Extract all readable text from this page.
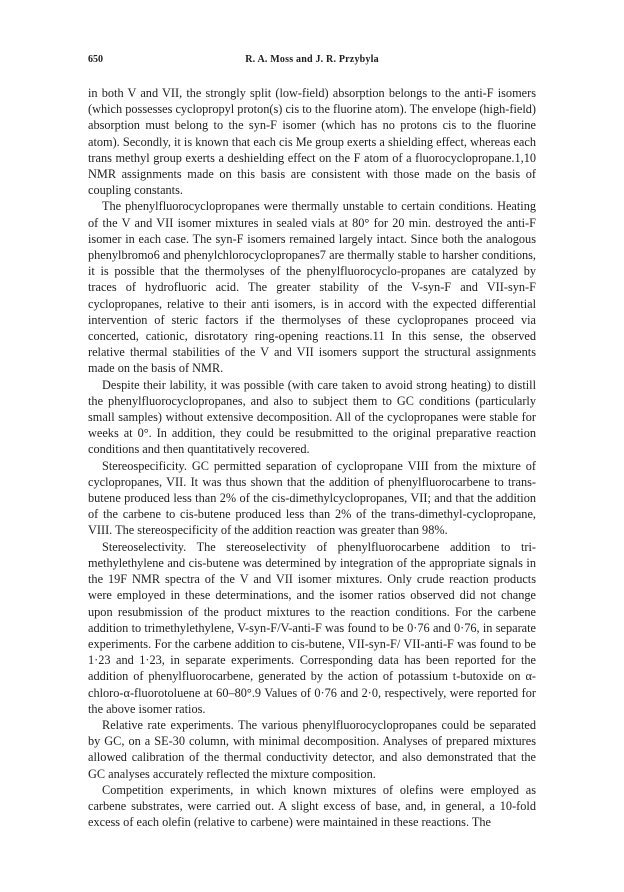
650	R. A. Moss and J. R. Przybyla

in both V and VII, the strongly split (low-field) absorption belongs to the anti-F isomers (which possesses cyclopropyl proton(s) cis to the fluorine atom). The envelope (high-field) absorption must belong to the syn-F isomer (which has no protons cis to the fluorine atom). Secondly, it is known that each cis Me group exerts a shielding effect, whereas each trans methyl group exerts a deshielding effect on the F atom of a fluorocyclopropane.1,10 NMR assignments made on this basis are consistent with those made on the basis of coupling constants.

The phenylfluorocyclopropanes were thermally unstable to certain conditions. Heating of the V and VII isomer mixtures in sealed vials at 80° for 20 min. destroyed the anti-F isomer in each case. The syn-F isomers remained largely intact. Since both the analogous phenylbromo6 and phenylchlorocyclopropanes7 are thermally stable to harsher conditions, it is possible that the thermolyses of the phenylfluorocyclo-propanes are catalyzed by traces of hydrofluoric acid. The greater stability of the V-syn-F and VII-syn-F cyclopropanes, relative to their anti isomers, is in accord with the expected differential intervention of steric factors if the thermolyses of these cyclopropanes proceed via concerted, cationic, disrotatory ring-opening reactions.11 In this sense, the observed relative thermal stabilities of the V and VII isomers support the structural assignments made on the basis of NMR.

Despite their lability, it was possible (with care taken to avoid strong heating) to distill the phenylfluorocyclopropanes, and also to subject them to GC conditions (particularly small samples) without extensive decomposition. All of the cyclopropanes were stable for weeks at 0°. In addition, they could be resubmitted to the original preparative reaction conditions and then quantitatively recovered.

Stereospecificity. GC permitted separation of cyclopropane VIII from the mixture of cyclopropanes, VII. It was thus shown that the addition of phenylfluorocarbene to trans-butene produced less than 2% of the cis-dimethylcyclopropanes, VII; and that the addition of the carbene to cis-butene produced less than 2% of the trans-dimethyl-cyclopropane, VIII. The stereospecificity of the addition reaction was greater than 98%.

Stereoselectivity. The stereoselectivity of phenylfluorocarbene addition to tri-methylethylene and cis-butene was determined by integration of the appropriate signals in the 19F NMR spectra of the V and VII isomer mixtures. Only crude reaction products were employed in these determinations, and the isomer ratios observed did not change upon resubmission of the product mixtures to the reaction conditions. For the carbene addition to trimethylethylene, V-syn-F/V-anti-F was found to be 0·76 and 0·76, in separate experiments. For the carbene addition to cis-butene, VII-syn-F/ VII-anti-F was found to be 1·23 and 1·23, in separate experiments. Corresponding data has been reported for the addition of phenylfluorocarbene, generated by the action of potassium t-butoxide on α-chloro-α-fluorotoluene at 60–80°.9 Values of 0·76 and 2·0, respectively, were reported for the above isomer ratios.

Relative rate experiments. The various phenylfluorocyclopropanes could be separated by GC, on a SE-30 column, with minimal decomposition. Analyses of prepared mixtures allowed calibration of the thermal conductivity detector, and also demonstrated that the GC analyses accurately reflected the mixture composition.

Competition experiments, in which known mixtures of olefins were employed as carbene substrates, were carried out. A slight excess of base, and, in general, a 10-fold excess of each olefin (relative to carbene) were maintained in these reactions. The
